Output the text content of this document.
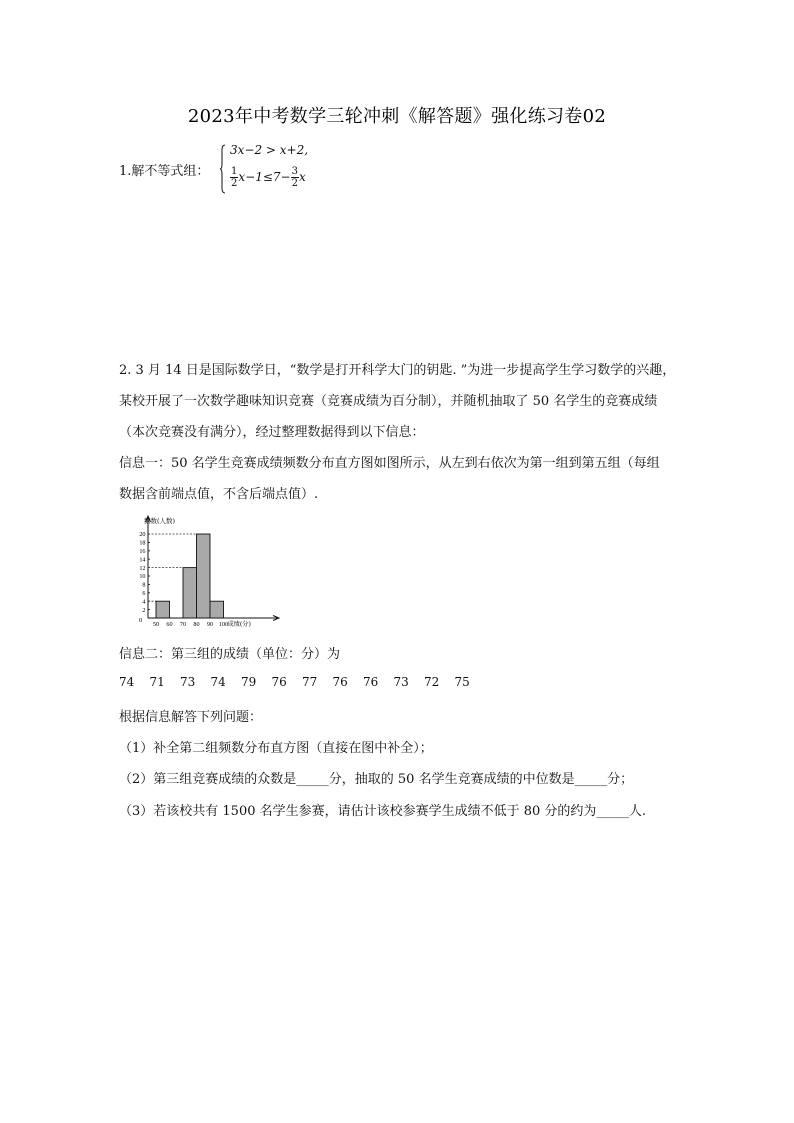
2023年中考数学三轮冲刺《解答题》强化练习卷02
1.解不等式组：
3x−2 > x+2,
$\frac{1}{2} x-1\le 7- \frac{3}{2}$ x
2. 3 月 14 日是国际数学日，“数学是打开科学大门的钥匙. ”为进一步提高学生学习数学的兴趣，
某校开展了一次数学趣味知识竞赛（竞赛成绩为百分制），并随机抽取了 50 名学生的竞赛成绩
（本次竞赛没有满分），经过整理数据得到以下信息：
信息一：50 名学生竞赛成绩频数分布直方图如图所示，从左到右依次为第一组到第五组（每组
数据含前端点值，不含后端点值）.
0
2
4
6
8
10
12
14
16
18
20
50 60 70 80 90 100
频数(人数)
成绩(分)
信息二：第三组的成绩（单位：分）为
74 71 73 74 79 76 77 76 76 73 72 75
根据信息解答下列问题：
（1）补全第二组频数分布直方图（直接在图中补全）；
（2）第三组竞赛成绩的众数是_____分，抽取的 50 名学生竞赛成绩的中位数是_____分；
（3）若该校共有 1500 名学生参赛，请估计该校参赛学生成绩不低于 80 分的约为_____人.
